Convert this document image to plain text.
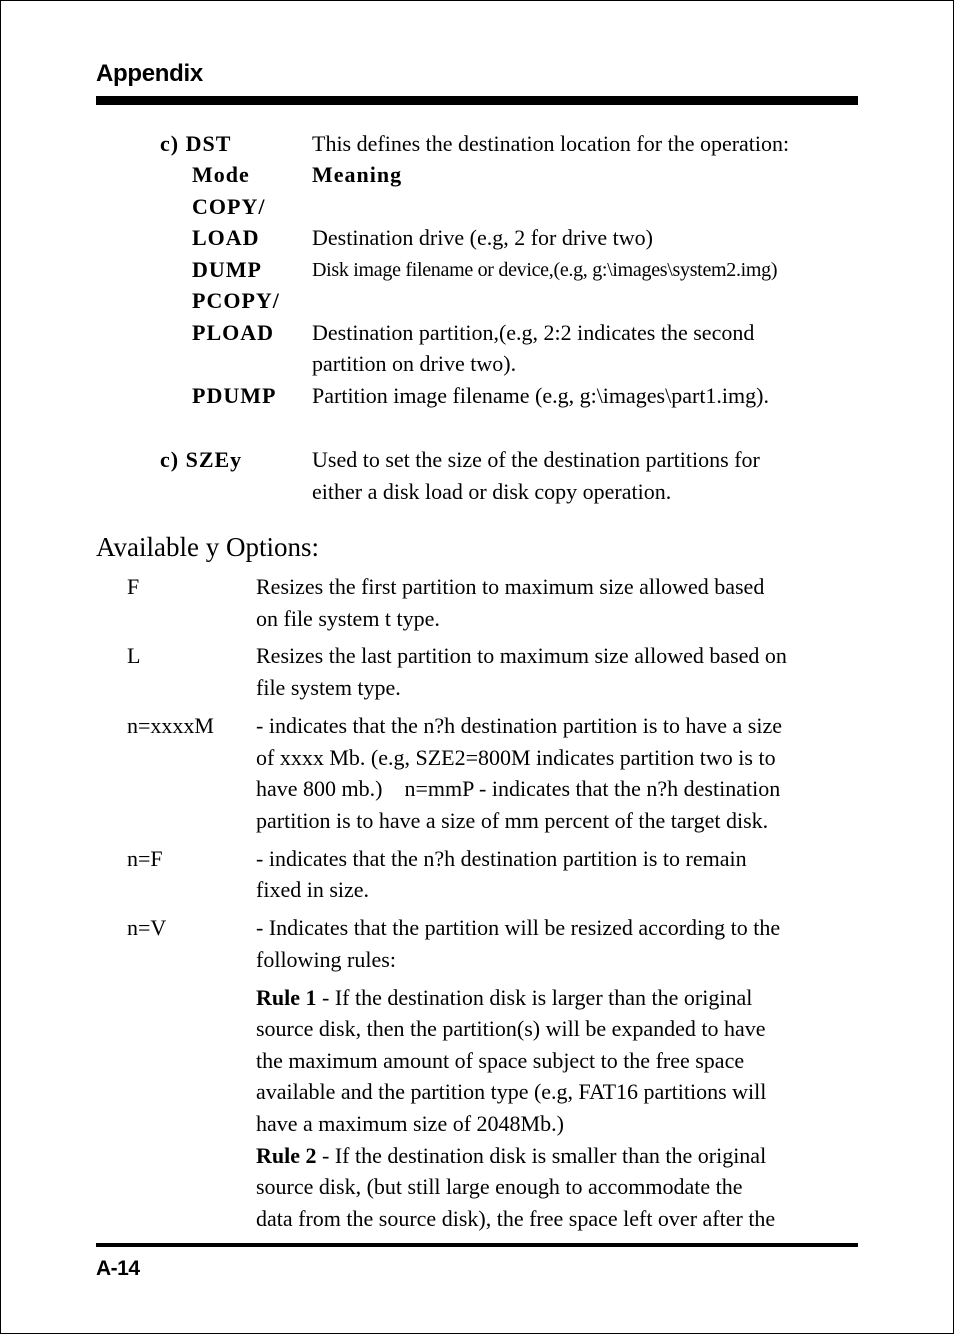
Appendix
c) DST	This defines the destination location for the operation:
Mode	Meaning
COPY/
LOAD Destination drive (e.g, 2 for drive two)
DUMP	Disk image filename or device,(e.g, g:\images\system2.img)
PCOPY/
PLOAD Destination partition,(e.g, 2:2 indicates the second
partition on drive two).
PDUMP Partition image filename (e.g, g:\images\part1.img).
c) SZEy	Used to set the size of the destination partitions for
either a disk load or disk copy operation.
Available y Options:
F	Resizes the first partition to maximum size allowed based
on file system t type.
L	Resizes the last partition to maximum size allowed based on
file system type.
n=xxxxM - indicates that the n?h destination partition is to have a size
of xxxx Mb. (e.g, SZE2=800M indicates partition two is to
have 800 mb.)    n=mmP - indicates that the n?h destination
partition is to have a size of mm percent of the target disk.
n=F	- indicates that the n?h destination partition is to remain
fixed in size.
n=V	- Indicates that the partition will be resized according to the
following rules:
Rule 1 - If the destination disk is larger than the original
source disk, then the partition(s) will be expanded to have
the maximum amount of space subject to the free space
available and the partition type (e.g, FAT16 partitions will
have a maximum size of 2048Mb.)
Rule 2 - If the destination disk is smaller than the original
source disk, (but still large enough to accommodate the
data from the source disk), the free space left over after the
A-14
